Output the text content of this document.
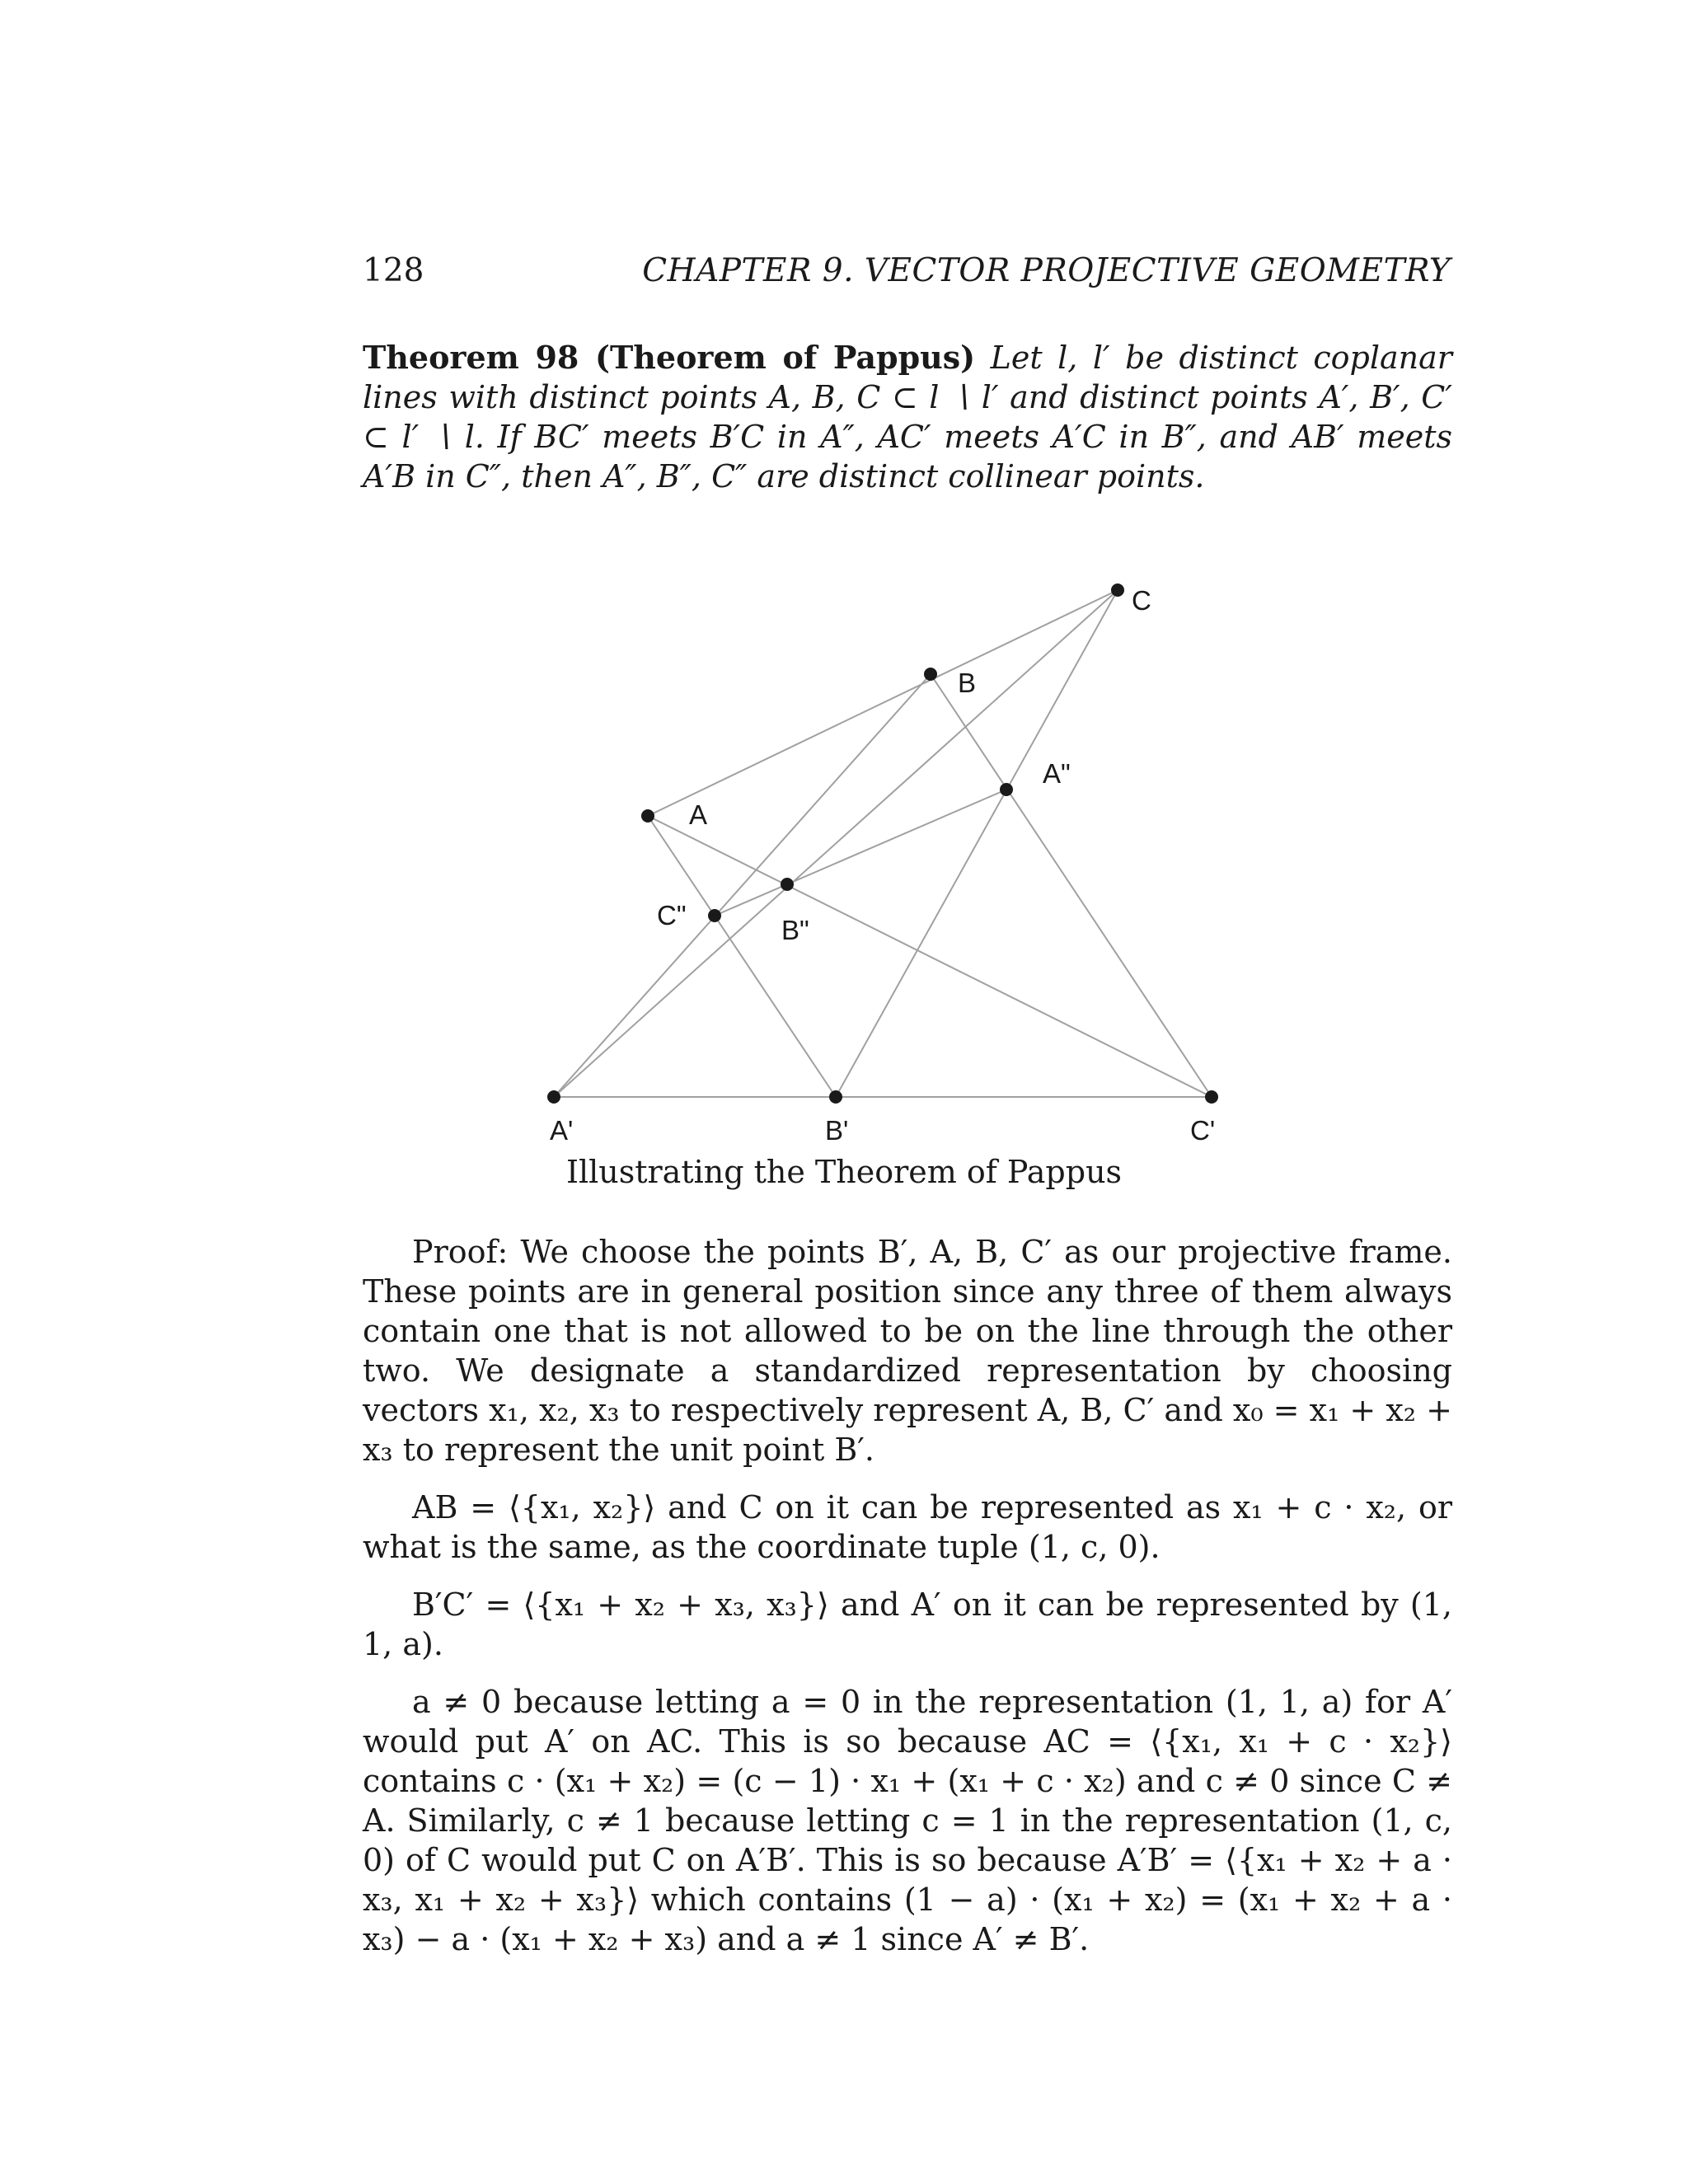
128	CHAPTER 9. VECTOR PROJECTIVE GEOMETRY
Theorem 98 (Theorem of Pappus) Let l, l′ be distinct coplanar lines with distinct points A, B, C ⊂ l ∖ l′ and distinct points A′, B′, C′ ⊂ l′ ∖ l. If BC′ meets B′C in A″, AC′ meets A′C in B″, and AB′ meets A′B in C″, then A″, B″, C″ are distinct collinear points.
C
B
A"
A
C"	B"
A'	B'	C'
Illustrating the Theorem of Pappus

Proof: We choose the points B′, A, B, C′ as our projective frame. These points are in general position since any three of them always contain one that is not allowed to be on the line through the other two. We designate a standardized representation by choosing vectors x₁, x₂, x₃ to respectively represent A, B, C′ and x₀ = x₁ + x₂ + x₃ to represent the unit point B′.

AB = ⟨{x₁, x₂}⟩ and C on it can be represented as x₁ + c · x₂, or what is the same, as the coordinate tuple (1, c, 0).

B′C′ = ⟨{x₁ + x₂ + x₃, x₃}⟩ and A′ on it can be represented by (1, 1, a).

a ≠ 0 because letting a = 0 in the representation (1, 1, a) for A′ would put A′ on AC. This is so because AC = ⟨{x₁, x₁ + c · x₂}⟩ contains c · (x₁ + x₂) = (c − 1) · x₁ + (x₁ + c · x₂) and c ≠ 0 since C ≠ A. Similarly, c ≠ 1 because letting c = 1 in the representation (1, c, 0) of C would put C on A′B′. This is so because A′B′ = ⟨{x₁ + x₂ + a · x₃, x₁ + x₂ + x₃}⟩ which contains (1 − a) · (x₁ + x₂) = (x₁ + x₂ + a · x₃) − a · (x₁ + x₂ + x₃) and a ≠ 1 since A′ ≠ B′.
